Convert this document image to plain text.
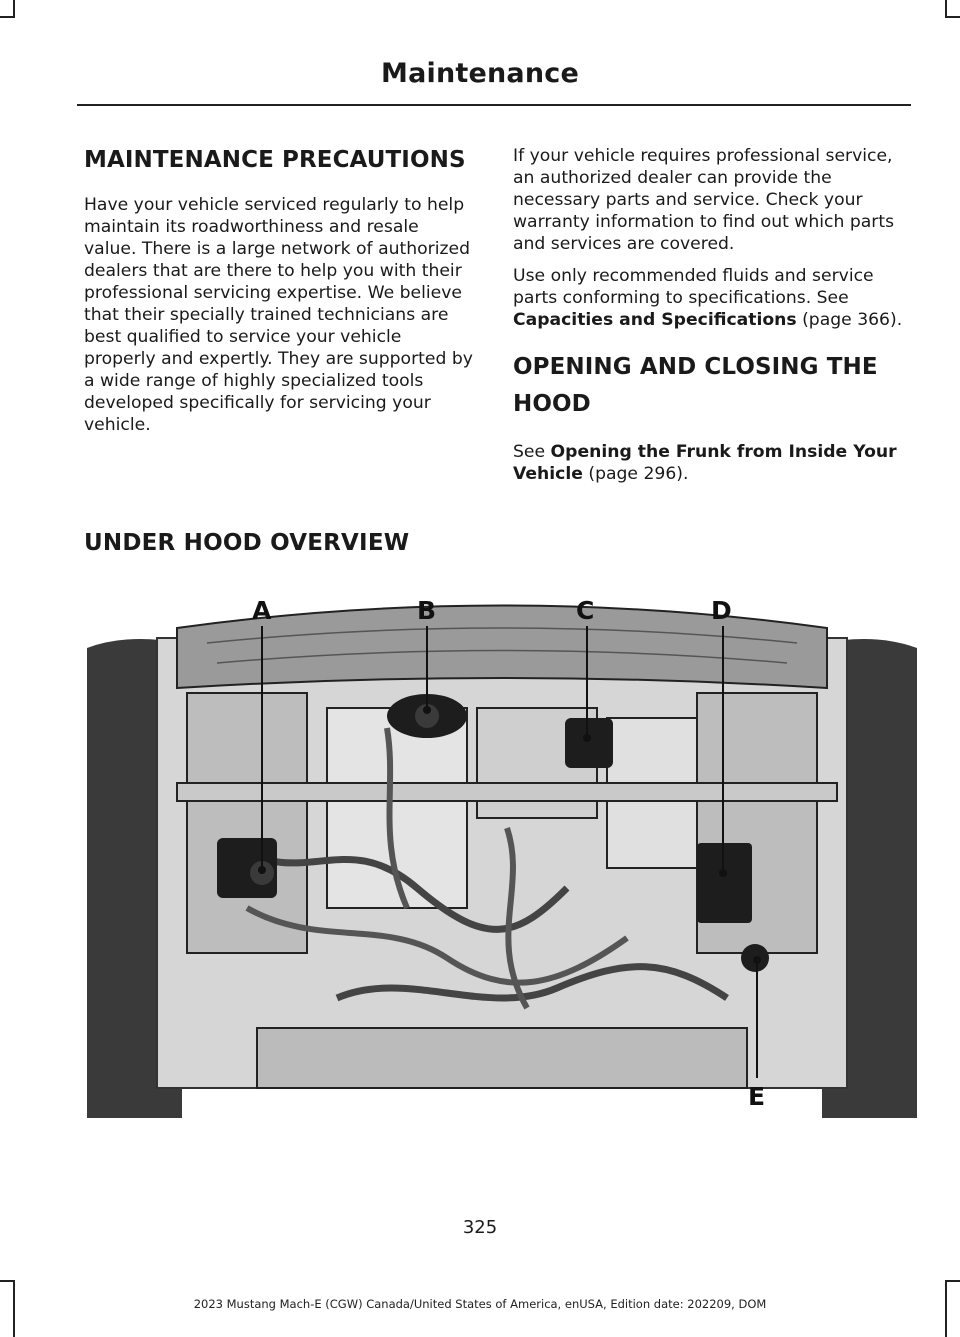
Maintenance
MAINTENANCE PRECAUTIONS

Have your vehicle serviced regularly to help maintain its roadworthiness and resale value. There is a large network of authorized dealers that are there to help you with their professional servicing expertise. We believe that their specially trained technicians are best qualified to service your vehicle properly and expertly. They are supported by a wide range of highly specialized tools developed specifically for servicing your vehicle.

If your vehicle requires professional service, an authorized dealer can provide the necessary parts and service. Check your warranty information to find out which parts and services are covered.

Use only recommended fluids and service parts conforming to specifications. See Capacities and Specifications (page 366).

OPENING AND CLOSING THE
HOOD

See Opening the Frunk from Inside Your Vehicle (page 296).

UNDER HOOD OVERVIEW
A	B	C	D
E
325
2023 Mustang Mach-E (CGW) Canada/United States of America, enUSA, Edition date: 202209, DOM
